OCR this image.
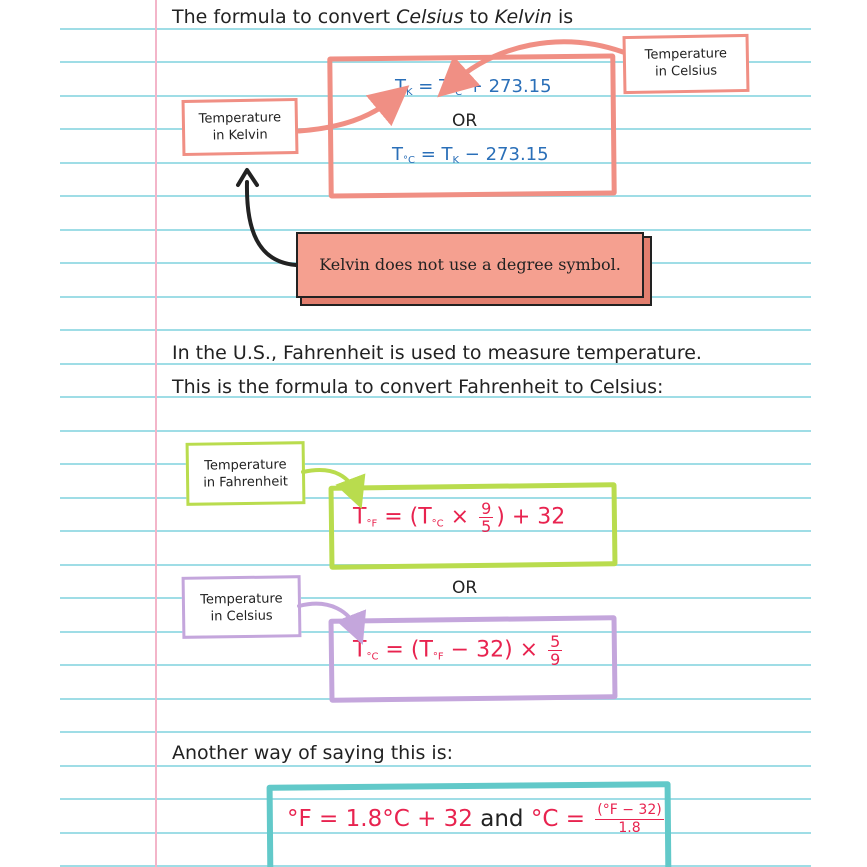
The formula to convert Celsius to Kelvin is
$T_K = T_{^\circ C} + 273.15$
OR
$T_{^\circ C} = T_K - 273.15$
Temperature
in Kelvin
Temperature
in Celsius
Kelvin does not use a degree symbol.
In the U.S., Fahrenheit is used to measure temperature.
This is the formula to convert Fahrenheit to Celsius:
Temperature
in Fahrenheit
Temperature
in Celsius
$T_{^\circ F} = (T_{^\circ C} \times \frac{9}{5}$ ) + 32
OR
$T_{^\circ C} = (T_{^\circ F} - 32) \times \frac{5}{9}$
Another way of saying this is:
°F = 1.8°C + 32 and $^\circ C = \frac{(^\circ F - 32)}{1.8}$
